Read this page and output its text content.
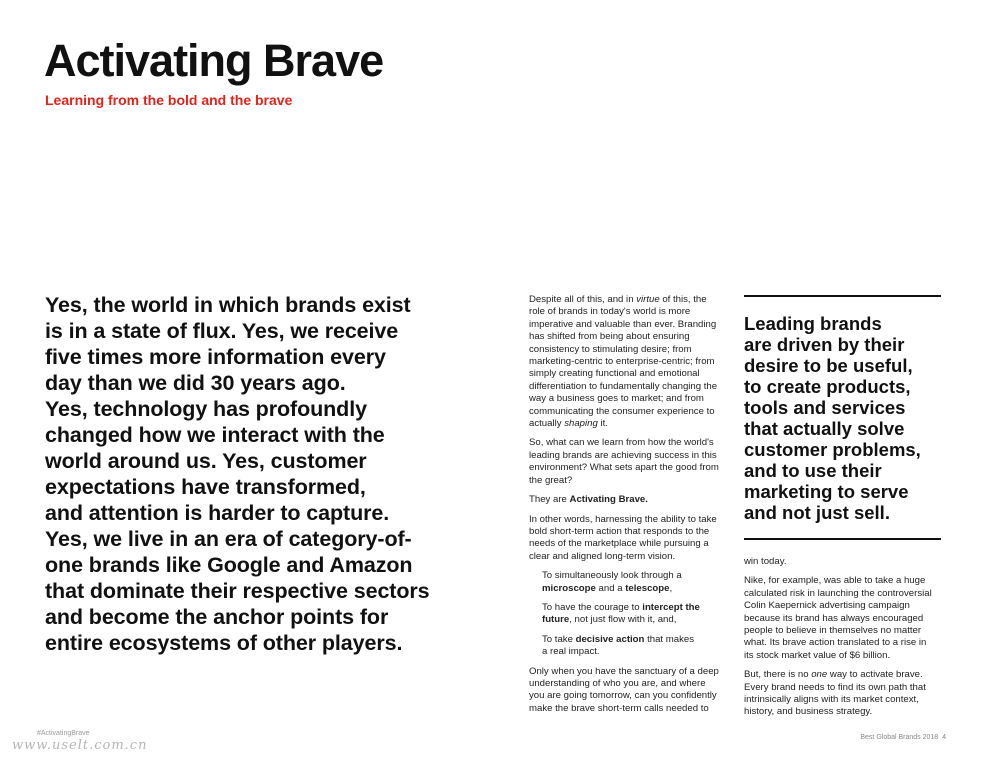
Activating Brave
Learning from the bold and the brave
Yes, the world in which brands exist
is in a state of flux. Yes, we receive
five times more information every
day than we did 30 years ago.
Yes, technology has profoundly
changed how we interact with the
world around us. Yes, customer
expectations have transformed,
and attention is harder to capture.
Yes, we live in an era of category-of-
one brands like Google and Amazon
that dominate their respective sectors
and become the anchor points for
entire ecosystems of other players.

Despite all of this, and in virtue of this, the
role of brands in today's world is more
imperative and valuable than ever. Branding
has shifted from being about ensuring
consistency to stimulating desire; from
marketing-centric to enterprise-centric; from
simply creating functional and emotional
differentiation to fundamentally changing the
way a business goes to market; and from
communicating the consumer experience to
actually shaping it.

So, what can we learn from how the world's
leading brands are achieving success in this
environment? What sets apart the good from
the great?

They are Activating Brave.

In other words, harnessing the ability to take
bold short-term action that responds to the
needs of the marketplace while pursuing a
clear and aligned long-term vision.

To simultaneously look through a
microscope and a telescope,

To have the courage to intercept the
future, not just flow with it, and,

To take decisive action that makes
a real impact.

Only when you have the sanctuary of a deep
understanding of who you are, and where
you are going tomorrow, can you confidently
make the brave short-term calls needed to

Leading brands
are driven by their
desire to be useful,
to create products,
tools and services
that actually solve
customer problems,
and to use their
marketing to serve
and not just sell.

win today.

Nike, for example, was able to take a huge
calculated risk in launching the controversial
Colin Kaepernick advertising campaign
because its brand has always encouraged
people to believe in themselves no matter
what. Its brave action translated to a rise in
its stock market value of $6 billion.

But, there is no one way to activate brave.
Every brand needs to find its own path that
intrinsically aligns with its market context,
history, and business strategy.

#ActivatingBrave
Best Global Brands 2018 4
www.uselt.com.cn
